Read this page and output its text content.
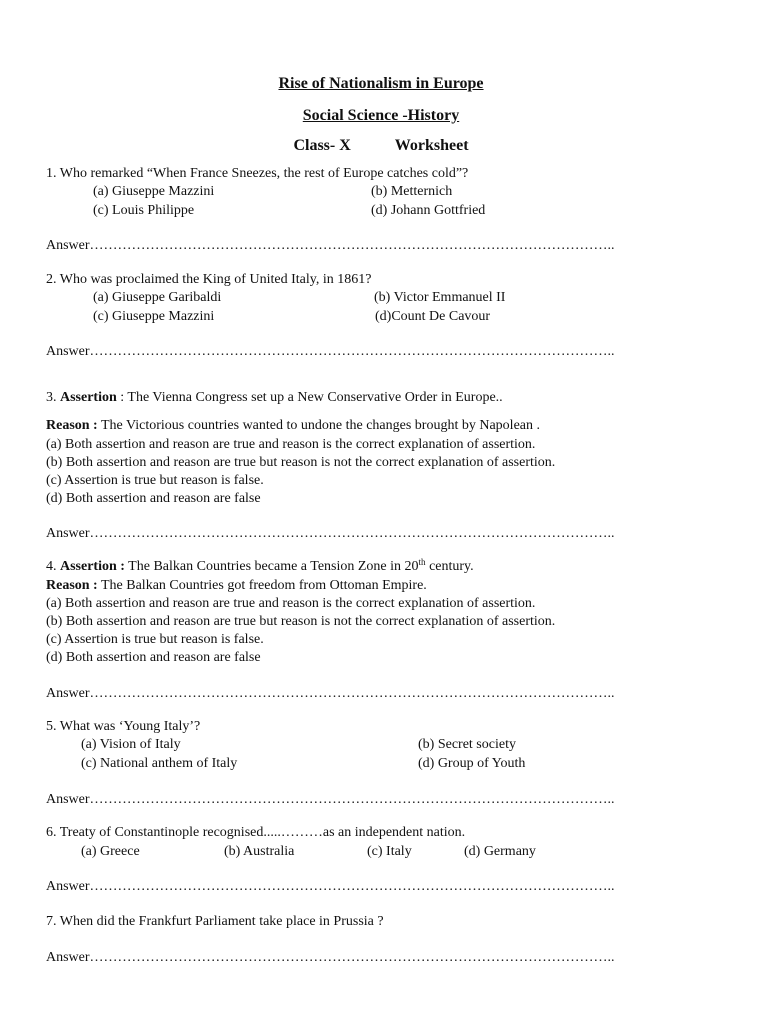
Rise of Nationalism in Europe
Social Science -History
Class- X	Worksheet
1. Who remarked “When France Sneezes, the rest of Europe catches cold”?
(a) Giuseppe Mazzini	(b) Metternich
(c) Louis Philippe	(d) Johann Gottfried
Answer…………………………………………………………………………………………………..
2. Who was proclaimed the King of United Italy, in 1861?
(a) Giuseppe Garibaldi	(b) Victor Emmanuel II
(c) Giuseppe Mazzini	(d)Count De Cavour
Answer…………………………………………………………………………………………………..
3. Assertion : The Vienna Congress set up a New Conservative Order in Europe..
Reason : The Victorious countries wanted to undone the changes brought by Napolean .
(a) Both assertion and reason are true and reason is the correct explanation of assertion.
(b) Both assertion and reason are true but reason is not the correct explanation of assertion.
(c) Assertion is true but reason is false.
(d) Both assertion and reason are false
Answer…………………………………………………………………………………………………..
4. Assertion : The Balkan Countries became a Tension Zone in 20th century.
Reason : The Balkan Countries got freedom from Ottoman Empire.
(a) Both assertion and reason are true and reason is the correct explanation of assertion.
(b) Both assertion and reason are true but reason is not the correct explanation of assertion.
(c) Assertion is true but reason is false.
(d) Both assertion and reason are false
Answer…………………………………………………………………………………………………..
5. What was ‘Young Italy’?
(a) Vision of Italy	(b) Secret society
(c) National anthem of Italy	(d) Group of Youth
Answer…………………………………………………………………………………………………..
6. Treaty of Constantinople recognised.....………as an independent nation.
(a) Greece	(b) Australia	(c) Italy	(d) Germany
Answer…………………………………………………………………………………………………..
7. When did the Frankfurt Parliament take place in Prussia ?
Answer…………………………………………………………………………………………………..
